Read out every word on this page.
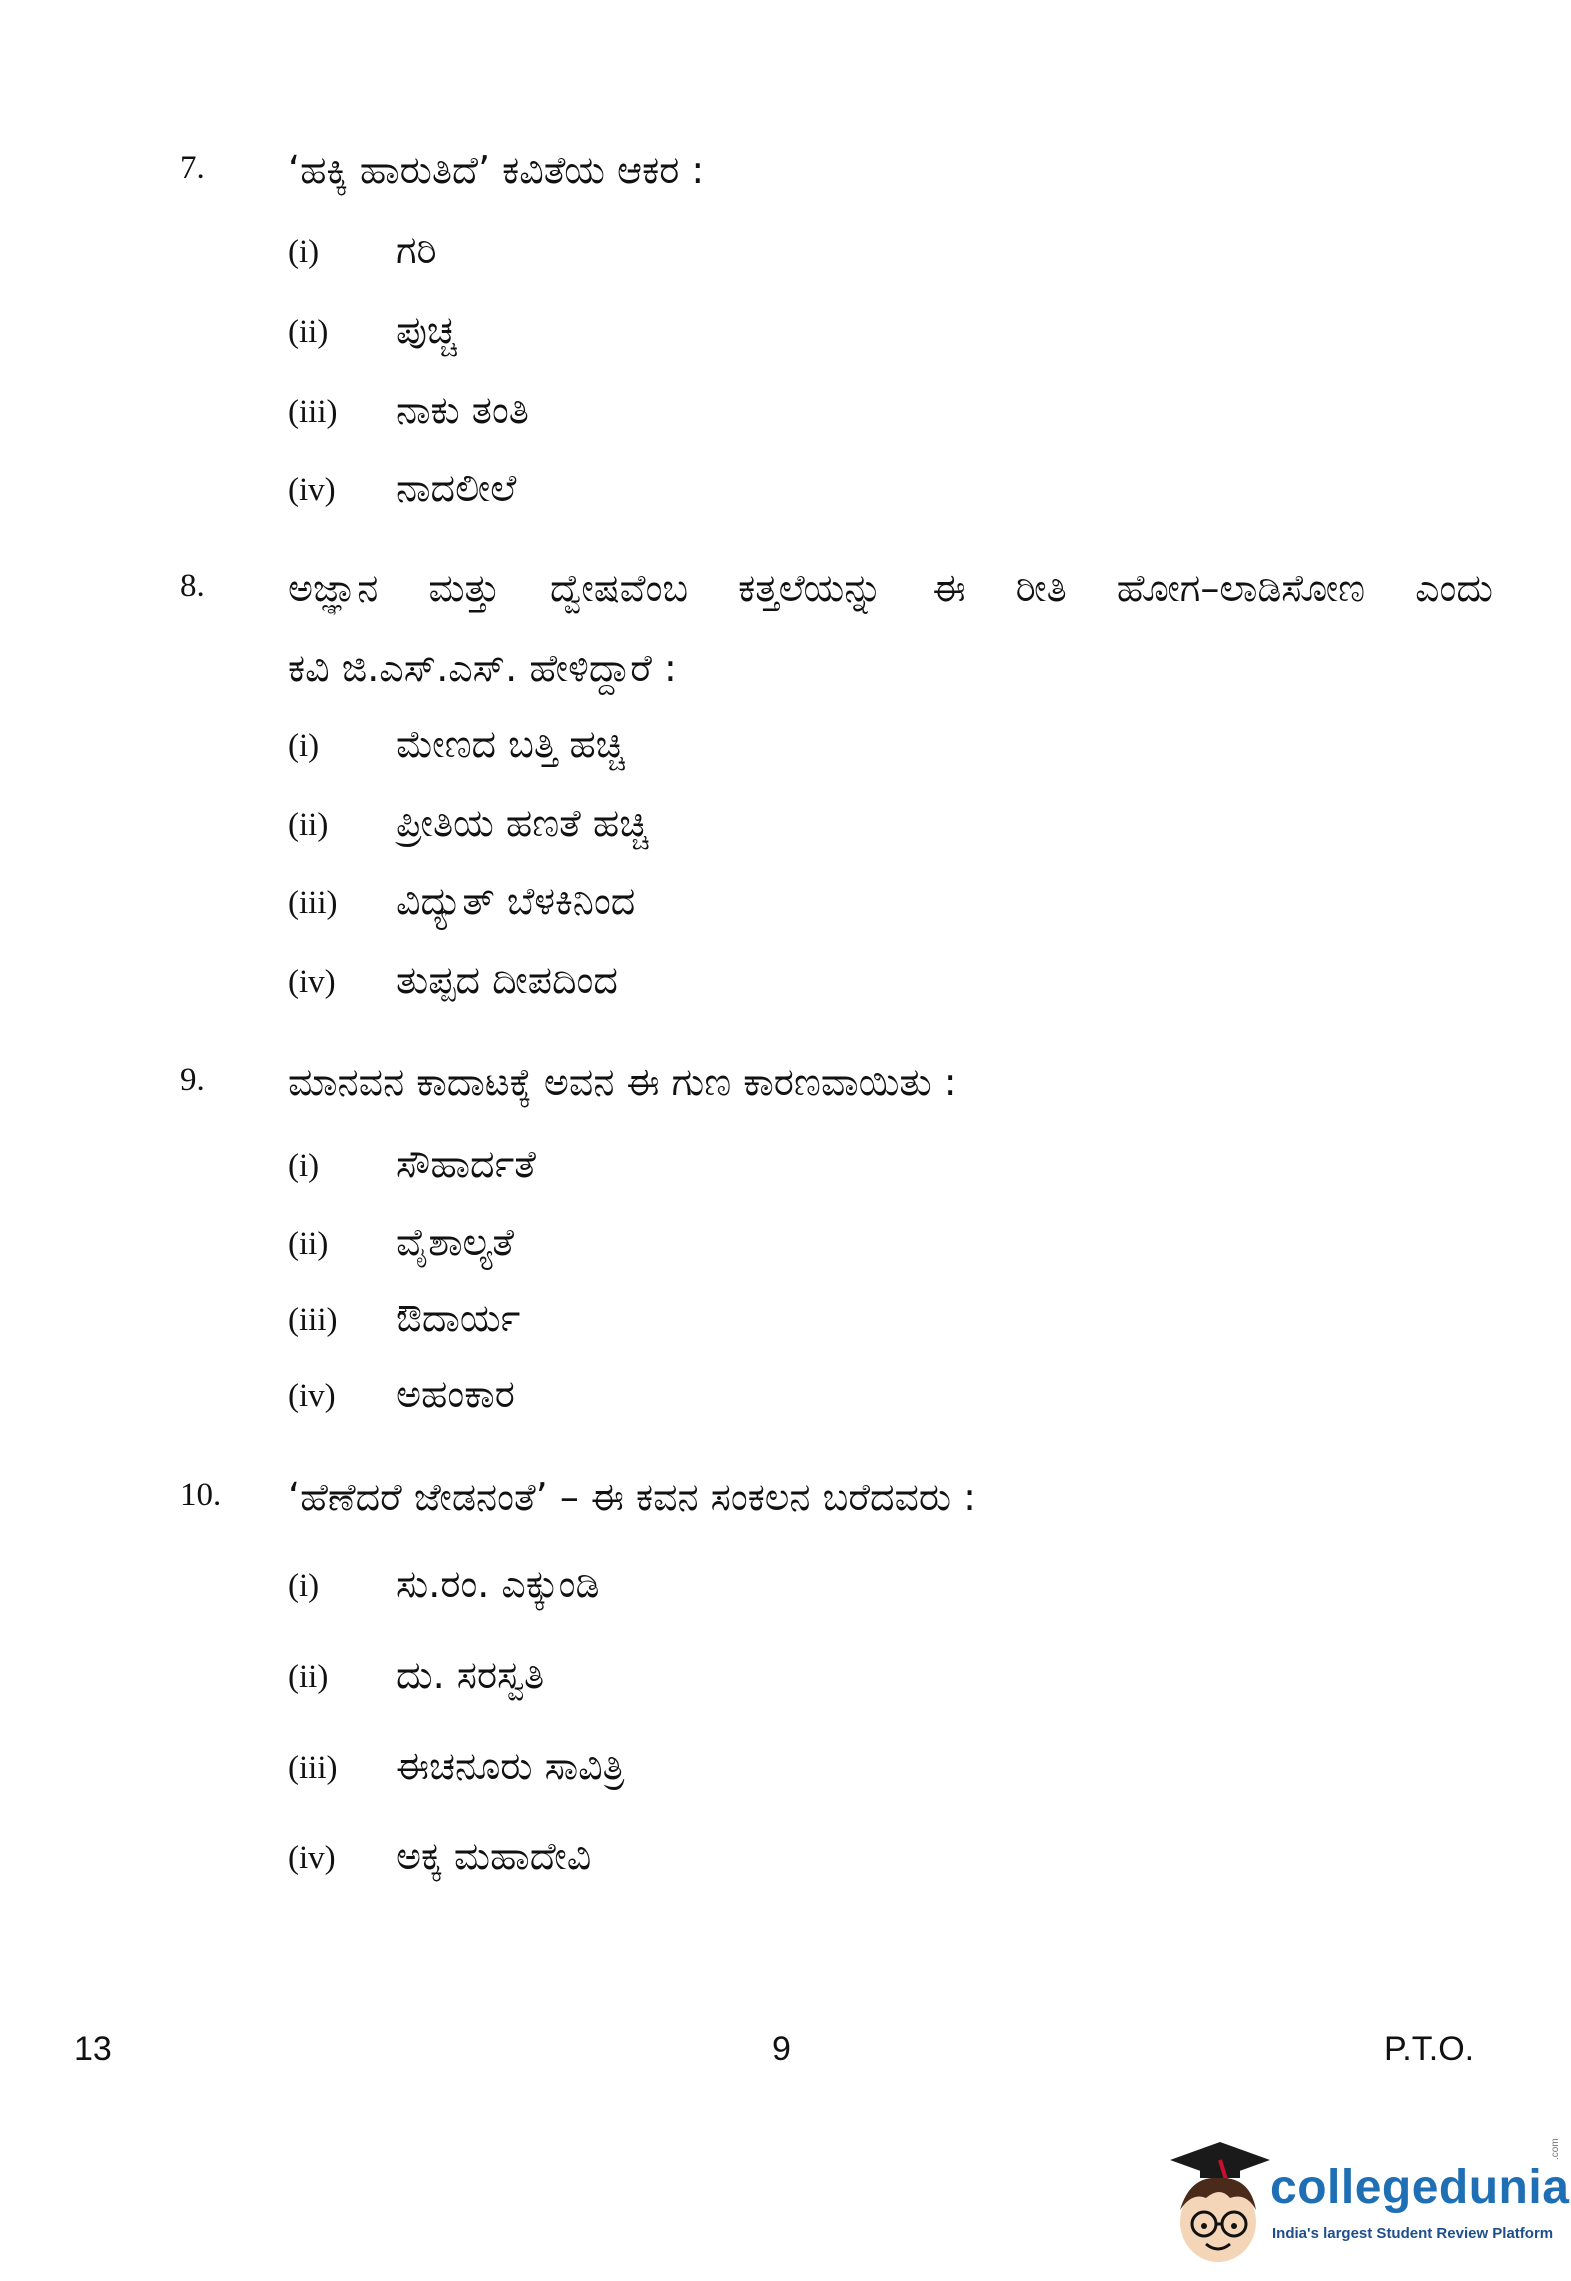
7. ‘ಹಕ್ಕಿ ಹಾರುತಿದೆ’ ಕವಿತೆಯ ಆಕರ :
(i) ಗರಿ
(ii) ಪುಚ್ಚ
(iii) ನಾಕು ತಂತಿ
(iv) ನಾದಲೀಲೆ
8. ಅಜ್ಞಾನ ಮತ್ತು ದ್ವೇಷವೆಂಬ ಕತ್ತಲೆಯನ್ನು ಈ ರೀತಿ ಹೋಗ–ಲಾಡಿಸೋಣ ಎಂದು
ಕವಿ ಜಿ.ಎಸ್.ಎಸ್. ಹೇಳಿದ್ದಾರೆ :
(i) ಮೇಣದ ಬತ್ತಿ ಹಚ್ಚಿ
(ii) ಪ್ರೀತಿಯ ಹಣತೆ ಹಚ್ಚಿ
(iii) ವಿದ್ಯುತ್ ಬೆಳಕಿನಿಂದ
(iv) ತುಪ್ಪದ ದೀಪದಿಂದ
9. ಮಾನವನ ಕಾದಾಟಕ್ಕೆ ಅವನ ಈ ಗುಣ ಕಾರಣವಾಯಿತು :
(i) ಸೌಹಾರ್ದತೆ
(ii) ವೈಶಾಲ್ಯತೆ
(iii) ಔದಾರ್ಯ
(iv) ಅಹಂಕಾರ
10. ‘ಹೆಣೆದರೆ ಜೇಡನಂತೆ’ – ಈ ಕವನ ಸಂಕಲನ ಬರೆದವರು :
(i) ಸು.ರಂ. ಎಕ್ಕುಂಡಿ
(ii) ದು. ಸರಸ್ವತಿ
(iii) ಈಚನೂರು ಸಾವಿತ್ರಿ
(iv) ಅಕ್ಕ ಮಹಾದೇವಿ
13	9	P.T.O.
collegedunia
.com
India's largest Student Review Platform
